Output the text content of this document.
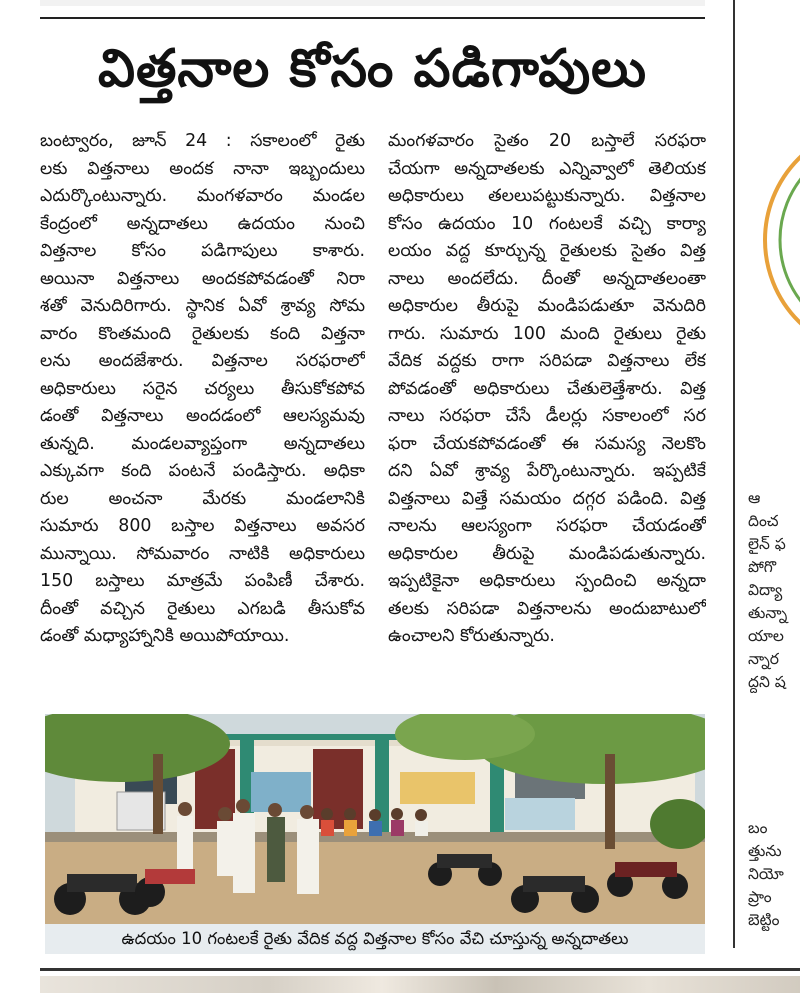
విత్తనాల కోసం పడిగాపులు
బంట్వారం, జూన్ 24 : సకాలంలో రైతు
లకు విత్తనాలు అందక నానా ఇబ్బందులు
ఎదుర్కొంటున్నారు. మంగళవారం మండల
కేంద్రంలో అన్నదాతలు ఉదయం నుంచి
విత్తనాల కోసం పడిగాపులు కాశారు.
అయినా విత్తనాలు అందకపోవడంతో నిరా
శతో వెనుదిరిగారు. స్థానిక ఏవో శ్రావ్య సోమ
వారం కొంతమంది రైతులకు కంది విత్తనా
లను అందజేశారు. విత్తనాల సరఫరాలో
అధికారులు సరైన చర్యలు తీసుకోకపోవ
డంతో విత్తనాలు అందడంలో ఆలస్యమవు
తున్నది. మండలవ్యాప్తంగా అన్నదాతలు
ఎక్కువగా కంది పంటనే పండిస్తారు. అధికా
రుల అంచనా మేరకు మండలానికి
సుమారు 800 బస్తాల విత్తనాలు అవసర
మున్నాయి. సోమవారం నాటికి అధికారులు
150 బస్తాలు మాత్రమే పంపిణీ చేశారు.
దీంతో వచ్చిన రైతులు ఎగబడి తీసుకోవ
డంతో మధ్యాహ్నానికి అయిపోయాయి.
మంగళవారం సైతం 20 బస్తాలే సరఫరా
చేయగా అన్నదాతలకు ఎన్నివ్వాలో తెలియక
అధికారులు తలలుపట్టుకున్నారు. విత్తనాల
కోసం ఉదయం 10 గంటలకే వచ్చి కార్యా
లయం వద్ద కూర్చున్న రైతులకు సైతం విత్త
నాలు అందలేదు. దీంతో అన్నదాతలంతా
అధికారుల తీరుపై మండిపడుతూ వెనుదిరి
గారు. సుమారు 100 మంది రైతులు రైతు
వేదిక వద్దకు రాగా సరిపడా విత్తనాలు లేక
పోవడంతో అధికారులు చేతులెత్తేశారు. విత్త
నాలు సరఫరా చేసే డీలర్లు సకాలంలో సర
ఫరా చేయకపోవడంతో ఈ సమస్య నెలకొం
దని ఏవో శ్రావ్య పేర్కొంటున్నారు. ఇప్పటికే
విత్తనాలు విత్తే సమయం దగ్గర పడింది. విత్త
నాలను ఆలస్యంగా సరఫరా చేయడంతో
అధికారుల తీరుపై మండిపడుతున్నారు.
ఇప్పటికైనా అధికారులు స్పందించి అన్నదా
తలకు సరిపడా విత్తనాలను అందుబాటులో
ఉంచాలని కోరుతున్నారు.
ఉదయం 10 గంటలకే రైతు వేదిక వద్ద విత్తనాల కోసం వేచి చూస్తున్న అన్నదాతలు
ఆ
దించ
లైన్ ఫ
పోగొ
విద్యా
తున్నా
యాల
న్నార
ద్దని ష
బం
త్తును
నియో
ప్రాం
బెట్టిం
